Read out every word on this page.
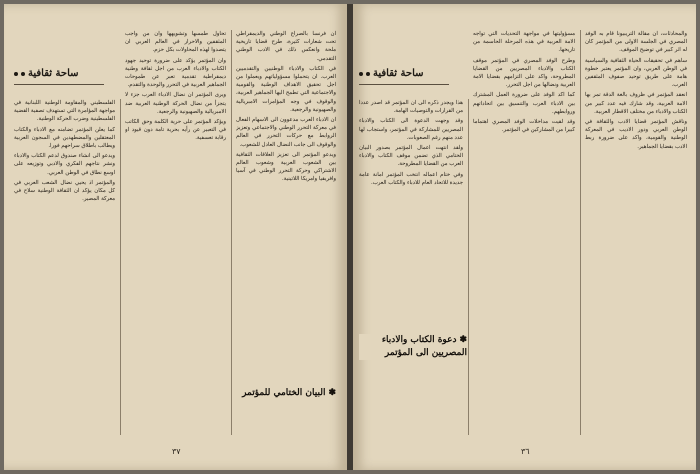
ساحة ثقافية

ان فرنسا بالصراع الوطني والديمقراطي تحت شعارات كثيرة، طرح قضايا تاريخية ملحة وانعكس ذلك في الادب الوطني التقدمي.

في الكتاب والادباء الوطنيين والتقدميين العرب. ان يتحملوا مسؤولياتهم ويعملوا من اجل تحقيق الاهداف الوطنية والقومية والاجتماعية التي تطمح اليها الجماهير العربية، والوقوف في وجه المؤامرات الامبريالية والصهيونية والرجعية.

ان الادباء العرب مدعوون الى الاسهام الفعال في معركة التحرر الوطني والاجتماعي وتعزيز الروابط مع حركات التحرر في العالم والوقوف الى جانب النضال العادل للشعوب.

ويدعو المؤتمر الى تعزيز العلاقات الثقافية بين الشعوب العربية وشعوب العالم الاشتراكي وحركة التحرر الوطني في آسيا وافريقيا وامريكا اللاتينية.

تحاول طمسها وتشويهها وان من واجب المثقفين والاحرار في العالم العربي ان يتصدوا لهذه المحاولات بكل حزم.

وان المؤتمر يؤكد على ضرورة توحيد جهود الكتاب والادباء العرب من اجل ثقافة وطنية ديمقراطية تقدمية تعبر عن طموحات الجماهير العربية في التحرر والوحدة والتقدم.

ويرى المؤتمر ان نضال الادباء العرب جزء لا يتجزأ من نضال الحركة الوطنية العربية ضد الامبريالية والصهيونية والرجعية.

ويؤكد المؤتمر على حرية الكلمة وحق الكاتب في التعبير عن رأيه بحرية تامة دون قيود او رقابة تعسفية.

الفلسطيني والمقاومة الوطنية اللبنانية في مواجهة المؤامرة التي تستهدف تصفية القضية الفلسطينية وضرب الحركة الوطنية.

كما يعلن المؤتمر تضامنه مع الادباء والكتاب المعتقلين والمضطهدين في السجون العربية ويطالب باطلاق سراحهم فورا.

ويدعو الى انشاء صندوق لدعم الكتاب والادباء ونشر نتاجهم الفكري والادبي وتوزيعه على اوسع نطاق في الوطن العربي.

والمؤتمر اذ يحيي نضال الشعب العربي في كل مكان يؤكد ان الثقافة الوطنية سلاح في معركة المصير.

✽البيان الختامي للمؤتمر
٣٧
ساحة ثقافية

والمحادثات، ان مقالة التريبيونا قام به الوفد المصري في الجلسة الاولى من المؤتمر كان له اثر كبير في توضيح الموقف.

ساهم في تحقيقات الحياة الثقافية والسياسية في الوطن العربي، وان المؤتمر يعتبر خطوة هامة على طريق توحيد صفوف المثقفين العرب.

انعقد المؤتمر في ظروف بالغة الدقة تمر بها الامة العربية، وقد شارك فيه عدد كبير من الكتاب والادباء من مختلف الاقطار العربية.

وناقش المؤتمر قضايا الادب والثقافة في الوطن العربي ودور الاديب في المعركة الوطنية والقومية، واكد على ضرورة ربط الادب بقضايا الجماهير.

مسؤوليتها في مواجهة التحديات التي تواجه الامة العربية في هذه المرحلة الحاسمة من تاريخها.

وطرح الوفد المصري في المؤتمر موقف الكتاب والادباء المصريين من القضايا المطروحة، واكد على التزامهم بقضايا الامة العربية ونضالها من اجل التحرر.

كما اكد الوفد على ضرورة العمل المشترك بين الادباء العرب والتنسيق بين اتحاداتهم وروابطهم.

وقد لقيت مداخلات الوفد المصري اهتماما كبيرا من المشاركين في المؤتمر.

هذا ويجدر ذكره الى ان المؤتمر قد اصدر عددا من القرارات والتوصيات الهامة.

وقد وجهت الدعوة الى الكتاب والادباء المصريين للمشاركة في المؤتمر، واستجاب لها عدد منهم رغم الصعوبات.

ولقد انتهت اعمال المؤتمر بصدور البيان الختامي الذي تضمن موقف الكتاب والادباء العرب من القضايا المطروحة.

وفي ختام اعماله انتخب المؤتمر امانة عامة جديدة للاتحاد العام للادباء والكتاب العرب.

✽دعوة الكتاب والادباء
المصريين الى المؤتمر
٣٦
